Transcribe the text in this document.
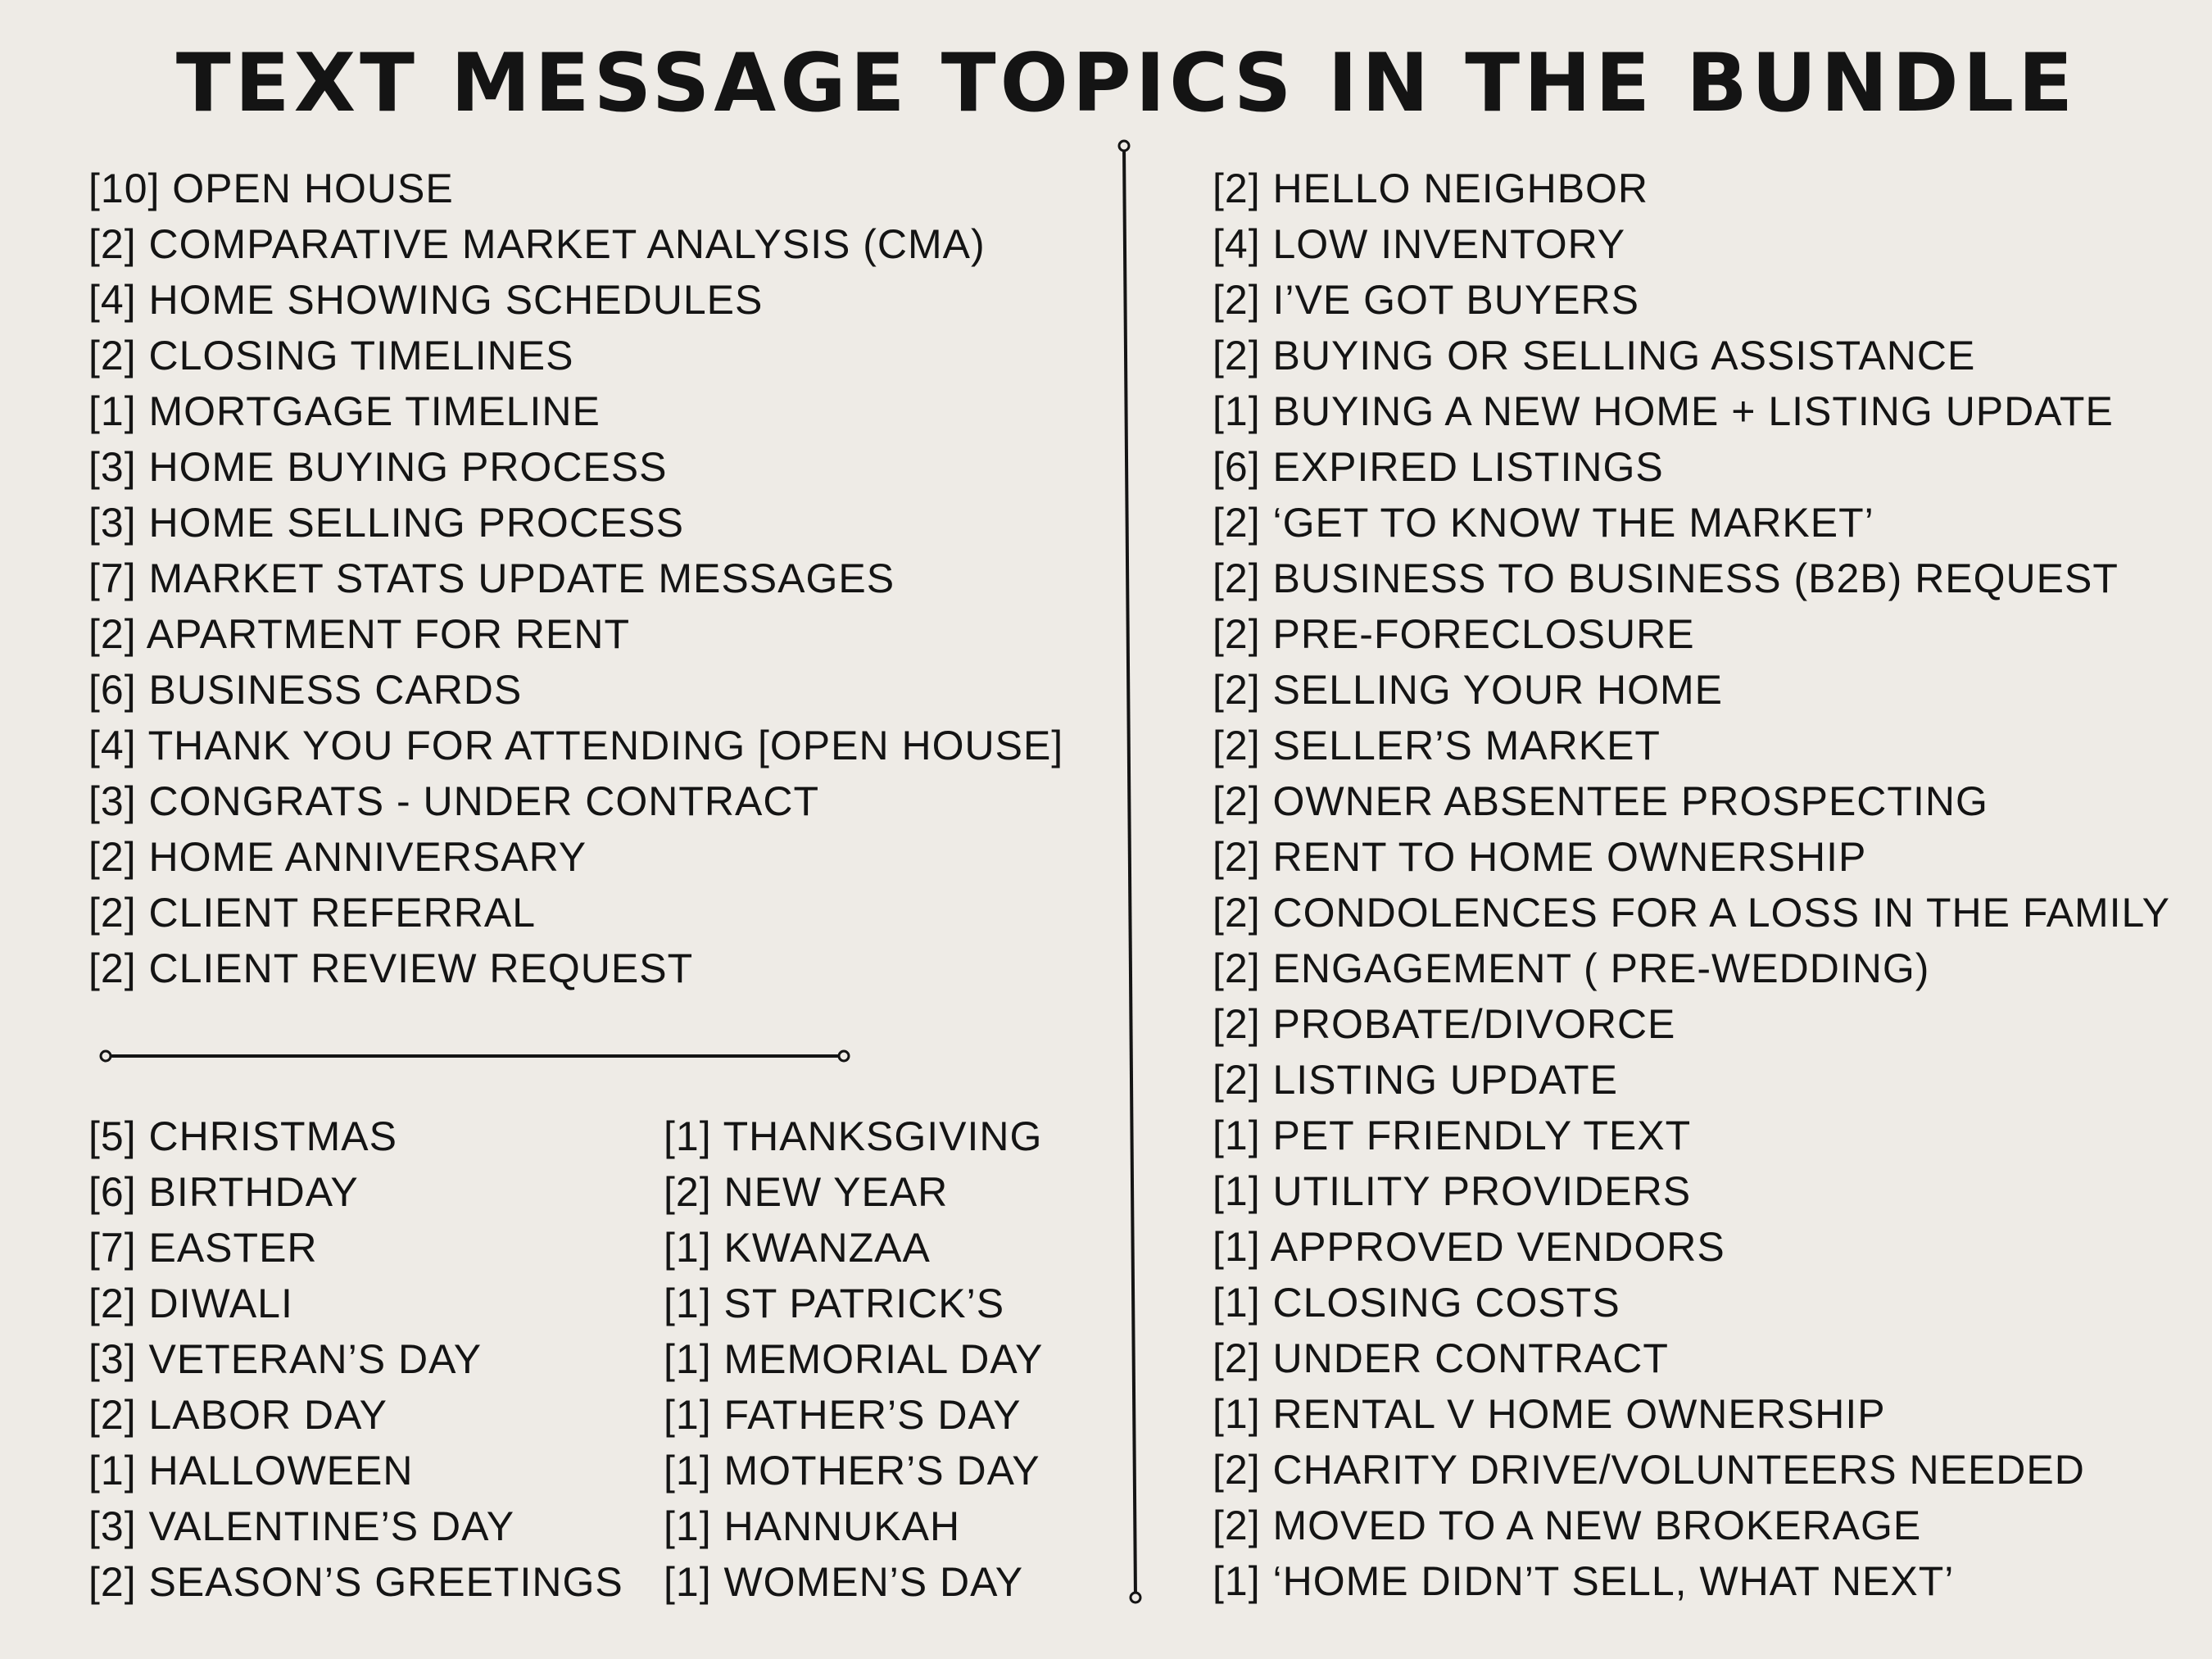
TEXT MESSAGE TOPICS IN THE BUNDLE
[10] OPEN HOUSE
[2] COMPARATIVE MARKET ANALYSIS (CMA)
[4] HOME SHOWING SCHEDULES
[2] CLOSING TIMELINES
[1] MORTGAGE TIMELINE
[3] HOME BUYING PROCESS
[3] HOME SELLING PROCESS
[7] MARKET STATS UPDATE MESSAGES
[2] APARTMENT FOR RENT
[6] BUSINESS CARDS
[4] THANK YOU FOR ATTENDING [OPEN HOUSE]
[3] CONGRATS - UNDER CONTRACT
[2] HOME ANNIVERSARY
[2] CLIENT REFERRAL
[2] CLIENT REVIEW REQUEST
[5] CHRISTMAS
[6] BIRTHDAY
[7] EASTER
[2] DIWALI
[3] VETERAN’S DAY
[2] LABOR DAY
[1] HALLOWEEN
[3] VALENTINE’S DAY
[2] SEASON’S GREETINGS
[1] THANKSGIVING
[2] NEW YEAR
[1] KWANZAA
[1] ST PATRICK’S
[1] MEMORIAL DAY
[1] FATHER’S DAY
[1] MOTHER’S DAY
[1] HANNUKAH
[1] WOMEN’S DAY
[2] HELLO NEIGHBOR
[4] LOW INVENTORY
[2] I’VE GOT BUYERS
[2] BUYING OR SELLING ASSISTANCE
[1] BUYING A NEW HOME + LISTING UPDATE
[6] EXPIRED LISTINGS
[2] ‘GET TO KNOW THE MARKET’
[2] BUSINESS TO BUSINESS (B2B) REQUEST
[2] PRE-FORECLOSURE
[2] SELLING YOUR HOME
[2] SELLER’S MARKET
[2] OWNER ABSENTEE PROSPECTING
[2] RENT TO HOME OWNERSHIP
[2] CONDOLENCES FOR A LOSS IN THE FAMILY
[2] ENGAGEMENT ( PRE-WEDDING)
[2] PROBATE/DIVORCE
[2] LISTING UPDATE
[1] PET FRIENDLY TEXT
[1] UTILITY PROVIDERS
[1] APPROVED VENDORS
[1] CLOSING COSTS
[2] UNDER CONTRACT
[1] RENTAL V HOME OWNERSHIP
[2] CHARITY DRIVE/VOLUNTEERS NEEDED
[2] MOVED TO A NEW BROKERAGE
[1] ‘HOME DIDN’T SELL, WHAT NEXT’
